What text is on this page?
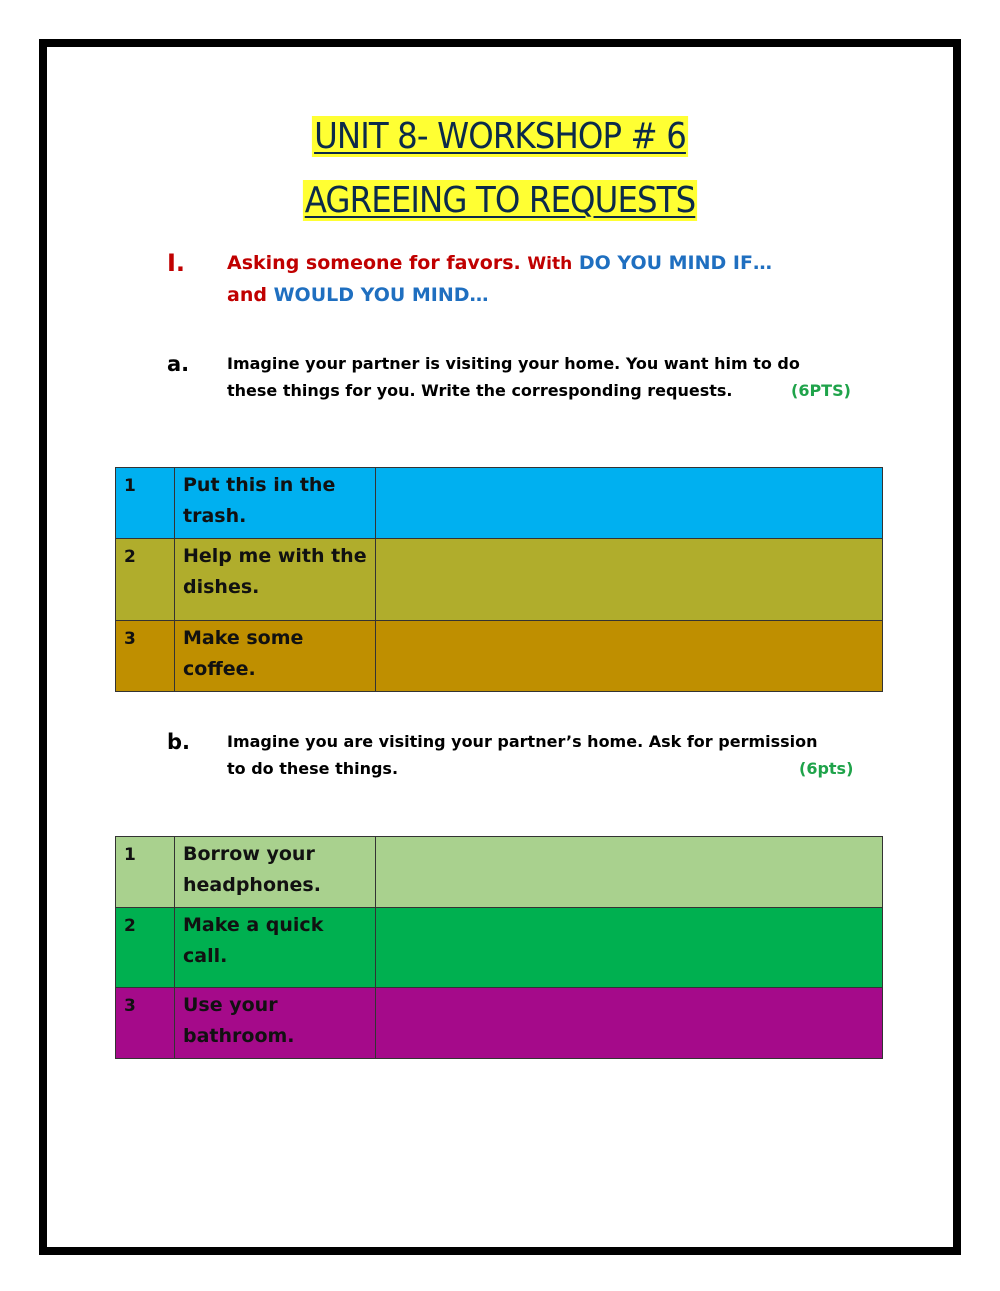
UNIT 8- WORKSHOP # 6
AGREEING TO REQUESTS
I. Asking someone for favors. With DO YOU MIND IF…
and WOULD YOU MIND…
a. Imagine your partner is visiting your home. You want him to do
these things for you. Write the corresponding requests.	(6PTS)
1	Put this in the trash.	
2	Help me with the dishes.	
3	Make some coffee.	
b. Imagine you are visiting your partner’s home. Ask for permission
to do these things.	(6pts)
1	Borrow your headphones.	
2	Make a quick call.	
3	Use your bathroom.	
